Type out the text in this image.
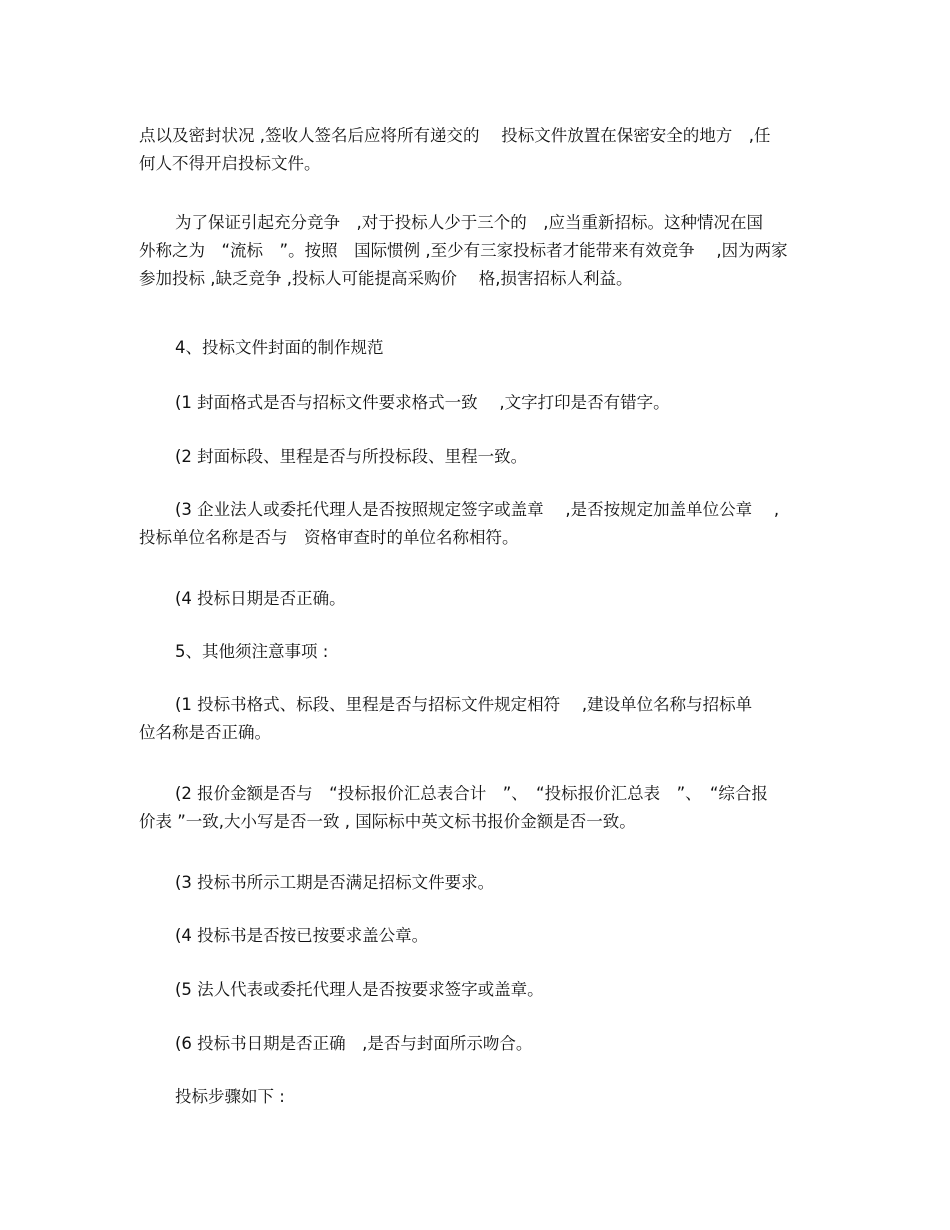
点以及密封状况 ,签收人签名后应将所有递交的　 投标文件放置在保密安全的地方　,任
何人不得开启投标文件。

为了保证引起充分竞争　,对于投标人少于三个的　,应当重新招标。这种情况在国
外称之为　“流标　”。按照　国际惯例 ,至少有三家投标者才能带来有效竞争　 ,因为两家
参加投标 ,缺乏竞争 ,投标人可能提高采购价　 格,损害招标人利益。

4、投标文件封面的制作规范

(1 封面格式是否与招标文件要求格式一致　 ,文字打印是否有错字。

(2 封面标段、里程是否与所投标段、里程一致。

(3 企业法人或委托代理人是否按照规定签字或盖章　 ,是否按规定加盖单位公章　 ,
投标单位名称是否与　资格审查时的单位名称相符。

(4 投标日期是否正确。

5、其他须注意事项 :

(1 投标书格式、标段、里程是否与招标文件规定相符　 ,建设单位名称与招标单
位名称是否正确。

(2 报价金额是否与　“投标报价汇总表合计　”、　“投标报价汇总表　”、　“综合报
价表 ”一致,大小写是否一致 , 国际标中英文标书报价金额是否一致。

(3 投标书所示工期是否满足招标文件要求。

(4 投标书是否按已按要求盖公章。

(5 法人代表或委托代理人是否按要求签字或盖章。

(6 投标书日期是否正确　,是否与封面所示吻合。

投标步骤如下 :
